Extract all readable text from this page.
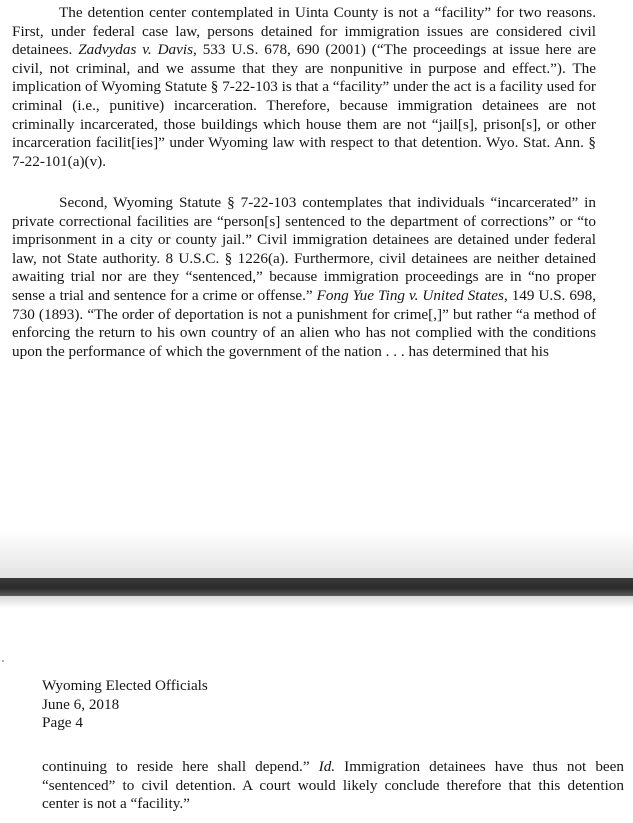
The detention center contemplated in Uinta County is not a “facility” for two reasons. First, under federal case law, persons detained for immigration issues are considered civil detainees. Zadvydas v. Davis, 533 U.S. 678, 690 (2001) (“The proceedings at issue here are civil, not criminal, and we assume that they are nonpunitive in purpose and effect.”). The implication of Wyoming Statute § 7-22-103 is that a “facility” under the act is a facility used for criminal (i.e., punitive) incarceration. Therefore, because immigration detainees are not criminally incarcerated, those buildings which house them are not “jail[s], prison[s], or other incarceration facilit[ies]” under Wyoming law with respect to that detention. Wyo. Stat. Ann. § 7-22-101(a)(v).

Second, Wyoming Statute § 7-22-103 contemplates that individuals “incarcerated” in private correctional facilities are “person[s] sentenced to the department of corrections” or “to imprisonment in a city or county jail.” Civil immigration detainees are detained under federal law, not State authority. 8 U.S.C. § 1226(a). Furthermore, civil detainees are neither detained awaiting trial nor are they “sentenced,” because immigration proceedings are in “no proper sense a trial and sentence for a crime or offense.” Fong Yue Ting v. United States, 149 U.S. 698, 730 (1893). “The order of deportation is not a punishment for crime[,]” but rather “a method of enforcing the return to his own country of an alien who has not complied with the conditions upon the performance of which the government of the nation . . . has determined that his

Wyoming Elected Officials
June 6, 2018
Page 4

continuing to reside here shall depend.” Id. Immigration detainees have thus not been “sentenced” to civil detention. A court would likely conclude therefore that this detention center is not a “facility.”
